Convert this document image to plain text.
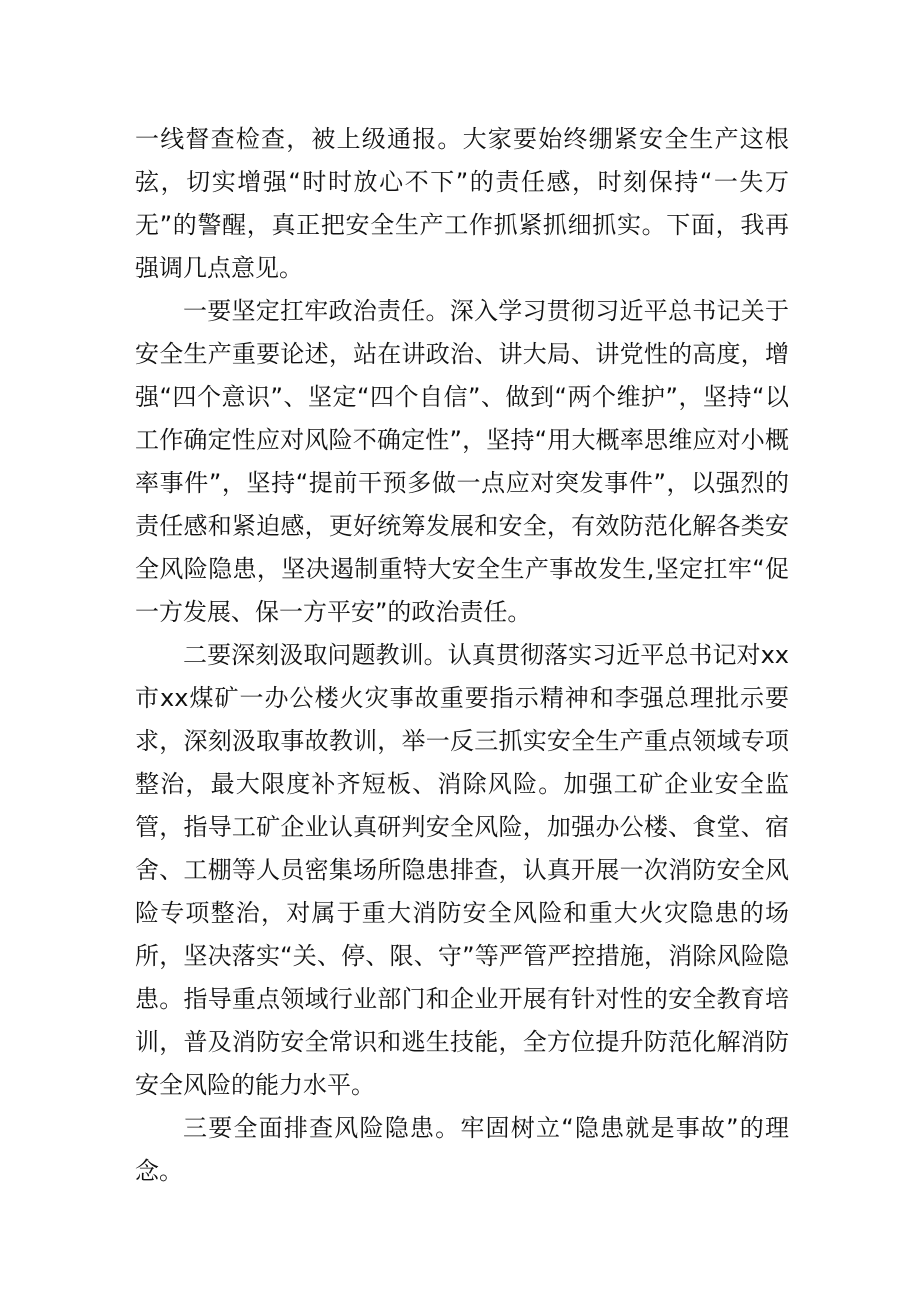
一线督查检查，被上级通报。大家要始终绷紧安全生产这根弦，切实增强“时时放心不下”的责任感，时刻保持“一失万无”的警醒，真正把安全生产工作抓紧抓细抓实。下面，我再强调几点意见。

一要坚定扛牢政治责任。深入学习贯彻习近平总书记关于安全生产重要论述，站在讲政治、讲大局、讲党性的高度，增强“四个意识”、坚定“四个自信”、做到“两个维护”，坚持“以工作确定性应对风险不确定性”，坚持“用大概率思维应对小概率事件”，坚持“提前干预多做一点应对突发事件”，以强烈的责任感和紧迫感，更好统筹发展和安全，有效防范化解各类安全风险隐患，坚决遏制重特大安全生产事故发生,坚定扛牢“促一方发展、保一方平安”的政治责任。

二要深刻汲取问题教训。认真贯彻落实习近平总书记对xx市xx煤矿一办公楼火灾事故重要指示精神和李强总理批示要求，深刻汲取事故教训，举一反三抓实安全生产重点领域专项整治，最大限度补齐短板、消除风险。加强工矿企业安全监管，指导工矿企业认真研判安全风险，加强办公楼、食堂、宿舍、工棚等人员密集场所隐患排查，认真开展一次消防安全风险专项整治，对属于重大消防安全风险和重大火灾隐患的场所，坚决落实“关、停、限、守”等严管严控措施，消除风险隐患。指导重点领域行业部门和企业开展有针对性的安全教育培训，普及消防安全常识和逃生技能，全方位提升防范化解消防安全风险的能力水平。

三要全面排查风险隐患。牢固树立“隐患就是事故”的理念。
